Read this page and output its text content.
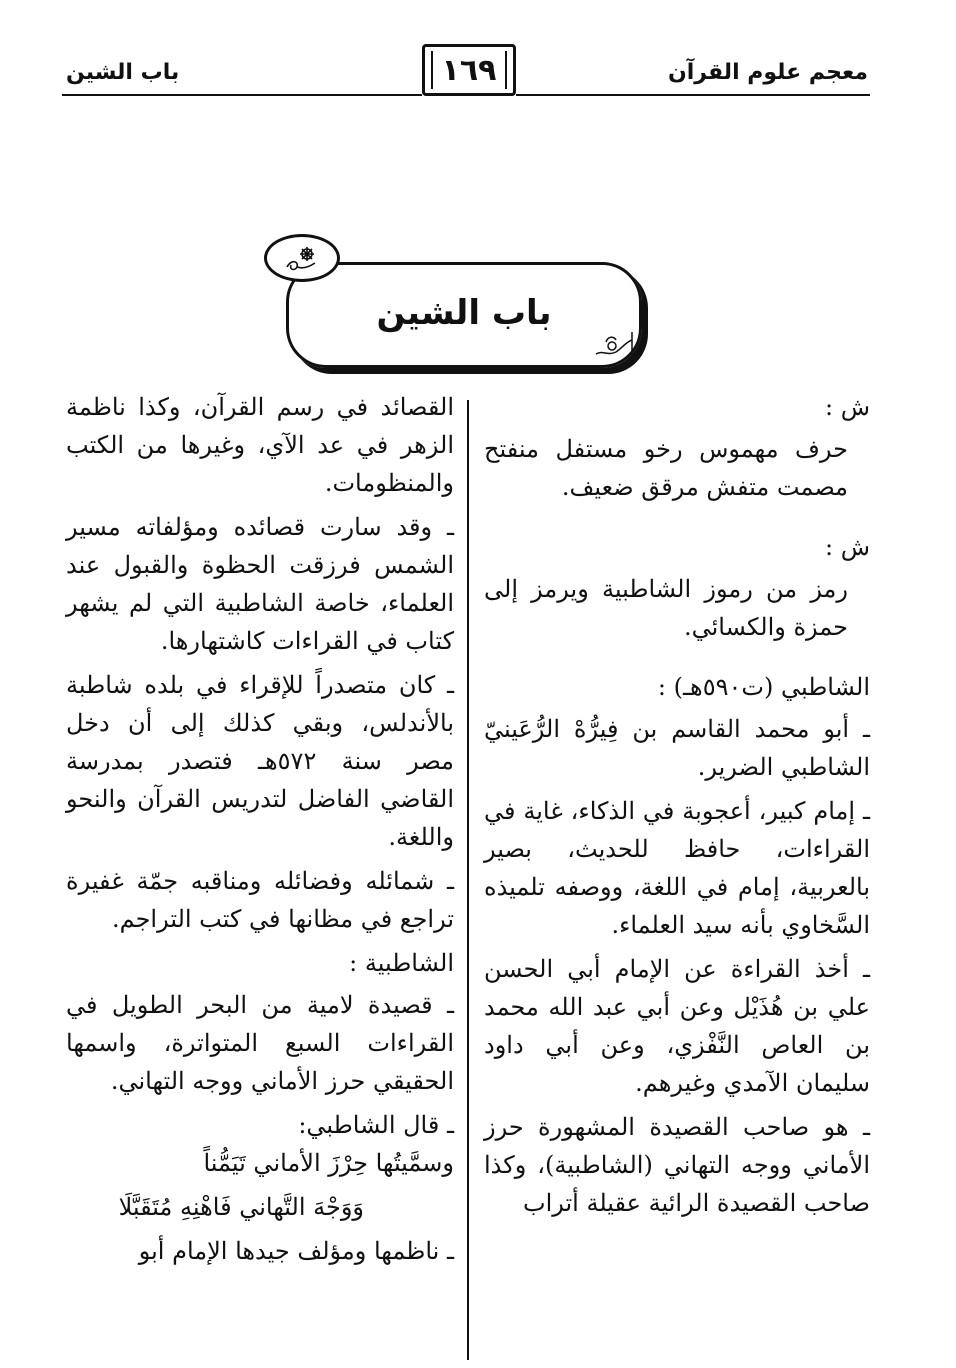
معجم علوم القرآن
١٦٩
باب الشين
باب الشين

ش :

حرف مهموس رخو مستفل منفتح مصمت متفش مرقق ضعيف.

ش :

رمز من رموز الشاطبية ويرمز إلى حمزة والكسائي.

الشاطبي (ت٥٩٠هـ) :

ـ أبو محمد القاسم بن فِيرُّهْ الرُّعَينيّ الشاطبي الضرير.

ـ إمام كبير، أعجوبة في الذكاء، غاية في القراءات، حافظ للحديث، بصير بالعربية، إمام في اللغة، ووصفه تلميذه السَّخاوي بأنه سيد العلماء.

ـ أخذ القراءة عن الإمام أبي الحسن علي بن هُذَيْل وعن أبي عبد الله محمد بن العاص النَّفْزي، وعن أبي داود سليمان الآمدي وغيرهم.

ـ هو صاحب القصيدة المشهورة حرز الأماني ووجه التهاني (الشاطبية)، وكذا صاحب القصيدة الرائية عقيلة أتراب

القصائد في رسم القرآن، وكذا ناظمة الزهر في عد الآي، وغيرها من الكتب والمنظومات.

ـ وقد سارت قصائده ومؤلفاته مسير الشمس فرزقت الحظوة والقبول عند العلماء، خاصة الشاطبية التي لم يشهر كتاب في القراءات كاشتهارها.

ـ كان متصدراً للإقراء في بلده شاطبة بالأندلس، وبقي كذلك إلى أن دخل مصر سنة ٥٧٢هـ فتصدر بمدرسة القاضي الفاضل لتدريس القرآن والنحو واللغة.

ـ شمائله وفضائله ومناقبه جمّة غفيرة تراجع في مظانها في كتب التراجم.

الشاطبية :

ـ قصيدة لامية من البحر الطويل في القراءات السبع المتواترة، واسمها الحقيقي حرز الأماني ووجه التهاني.

ـ قال الشاطبي:

وسمَّيتُها حِرْزَ الأماني تَيَمُّناً

وَوَجْهَ التَّهاني فَاهْنِهِ مُتَقَبَّلَا

ـ ناظمها ومؤلف جيدها الإمام أبو
